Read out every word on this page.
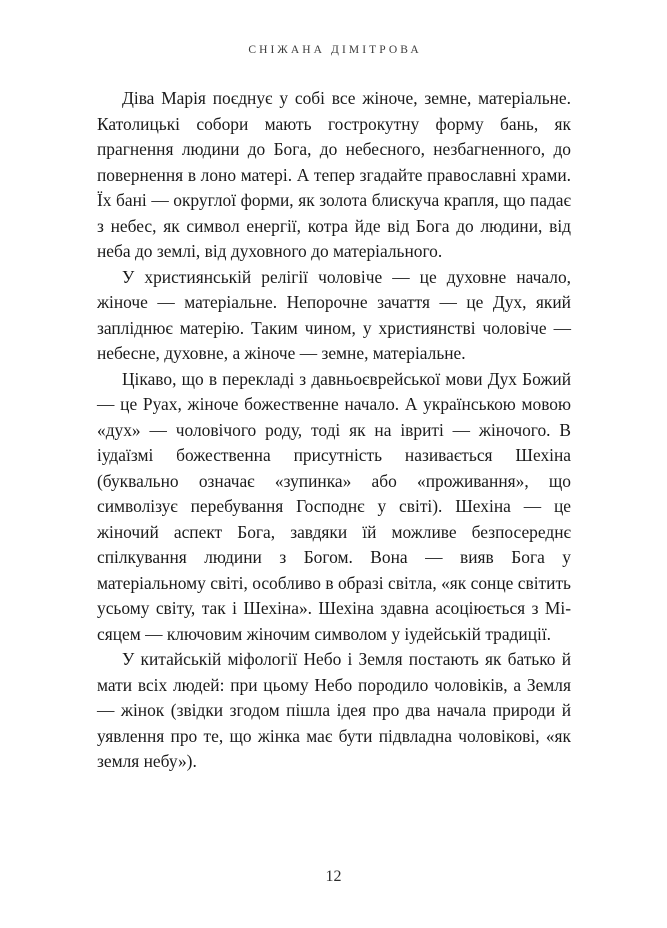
СНІЖАНА ДІМІТРОВА

Діва Марія поєднує у собі все жіноче, земне, матеріальне. Католицькі собори мають гострокутну форму бань, як прагнення людини до Бога, до небесного, незбагненного, до повернення в лоно матері. А тепер згадайте православні храми. Їх бані — округлої форми, як золота блискуча крапля, що падає з небес, як символ енергії, котра йде від Бога до людини, від неба до землі, від духовного до матеріального.

У християнській релігії чоловіче — це духовне начало, жіноче — матеріальне. Непорочне зачаття — це Дух, який запліднює матерію. Таким чином, у християнстві чоловіче — небесне, духовне, а жіноче — земне, матеріальне.

Цікаво, що в перекладі з давньоєврейської мови Дух Божий — це Руах, жіноче божественне начало. А українською мовою «дух» — чоловічого роду, тоді як на івриті — жіночого. В іудаїзмі божественна присутність називається Шехіна (буквально означає «зупинка» або «проживання», що символізує перебування Господнє у світі). Шехіна — це жіночий аспект Бога, завдяки їй можливе безпосереднє спілкування людини з Богом. Вона — вияв Бога у матеріальному світі, особливо в образі світла, «як сонце світить усьому світу, так і Шехіна». Шехіна здавна асоціюється з Місяцем — ключовим жіночим символом у іудейській традиції.

У китайській міфології Небо і Земля постають як батько й мати всіх людей: при цьому Небо породило чоловіків, а Земля — жінок (звідки згодом пішла ідея про два начала природи й уявлення про те, що жінка має бути підвладна чоловікові, «як земля небу»).

12
